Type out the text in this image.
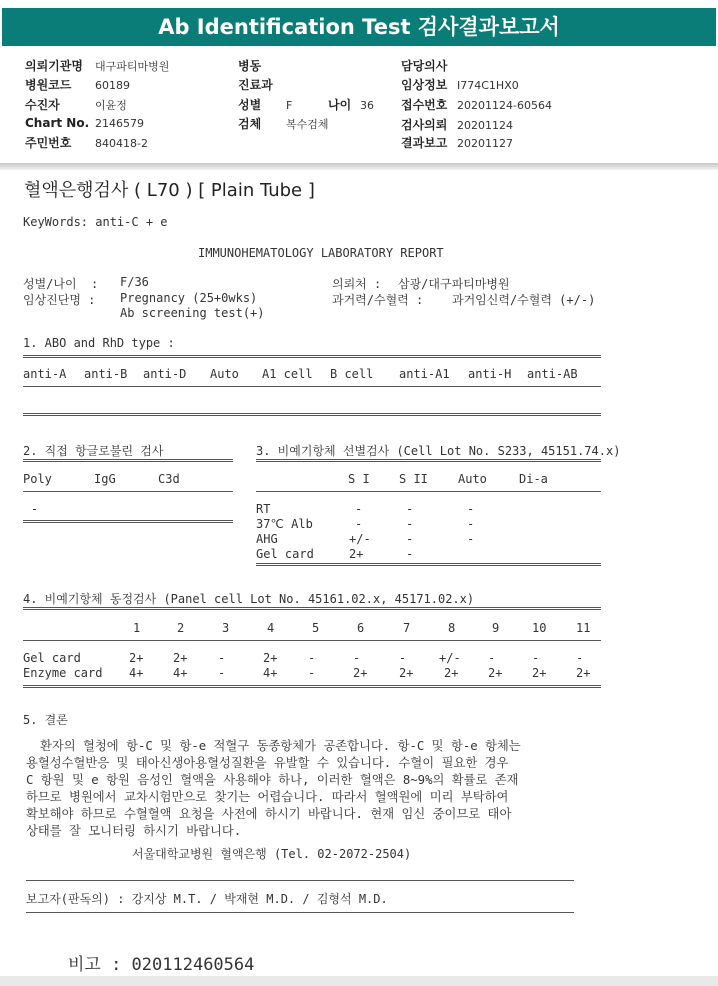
Ab Identification Test 검사결과보고서
의뢰기관명 대구파티마병원
병원코드 60189
수진자	이윤정
Chart No. 2146579
주민번호 840418-2
병동
진료과
성별 F	나이 36
검체 복수검체
담당의사
임상정보 I774C1HX0
접수번호 20201124-60564
검사의뢰 20201124
결과보고 20201127
혈액은행검사 ( L70 ) [ Plain Tube ]
KeyWords: anti-C + e
IMMUNOHEMATOLOGY LABORATORY REPORT
성별/나이  : F/36
임상진단명 : Pregnancy (25+0wks)
Ab screening test(+)
의뢰처 : 삼광/대구파티마병원
과거력/수혈력 : 과거임신력/수혈력 (+/-)
1. ABO and RhD type :
anti-A anti-B anti-D Auto A1 cell B cell anti-A1 anti-H anti-AB
2. 직접 항글로불린 검사
Poly	IgG	C3d
-
3. 비예기항체 선별검사 (Cell Lot No. S233, 45151.74.x)
S I S II	Auto	Di-a
RT	-	-	-
37℃ Alb	-	-	-
AHG	+/-	-	-
Gel card	2+	-
4. 비예기항체 동정검사 (Panel cell Lot No. 45161.02.x, 45171.02.x)
1	2	3	4	5	6	7	8	9	10 11
Gel card	2+ 2+	-	2+	-	-	-	+/- -	-	-
Enzyme card 4+ 4+	-	4+	-	2+	2+	2+ 2+ 2+ 2+
5. 결론
환자의 혈청에 항-C 및 항-e 적혈구 동종항체가 공존합니다. 항-C 및 항-e 항체는
용혈성수혈반응 및 태아신생아용혈성질환을 유발할 수 있습니다. 수혈이 필요한 경우
C 항원 및 e 항원 음성인 혈액을 사용해야 하나, 이러한 혈액은 8~9%의 확률로 존재
하므로 병원에서 교차시험만으로 찾기는 어렵습니다. 따라서 혈액원에 미리 부탁하여
확보해야 하므로 수혈혈액 요청을 사전에 하시기 바랍니다. 현재 임신 중이므로 태아
상태를 잘 모니터링 하시기 바랍니다.
서울대학교병원 혈액은행 (Tel. 02-2072-2504)
보고자(판독의) : 강지상 M.T. / 박재현 M.D. / 김형석 M.D.
비고 : 020112460564
